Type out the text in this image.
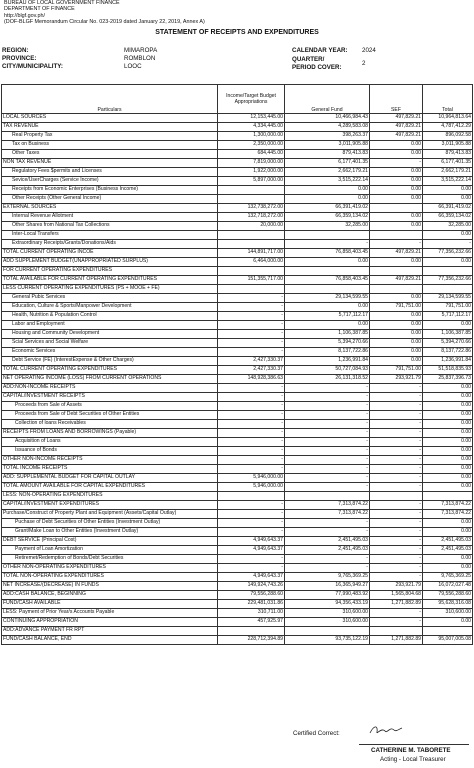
BUREAU OF LOCAL GOVERNMENT FINANCE
DEPARTMENT OF FINANCE
http://blgf.gov.ph/
(DOF-BLGF Memorandum Circular No. 023-2019 dated January 22, 2019, Annex A)
STATEMENT OF RECEIPTS AND EXPENDITURES
REGION:	MIMAROPA
PROVINCE:	ROMBLON
CITY/MUNICIPALITY:	LOOC
CALENDAR YEAR: 2024
QUARTER/
PERIOD COVER:
2
Particulars	Income/Target Budget Appropriations	General Fund	SEF	Total
LOCAL SOURCES	12,153,445.00	10,466,984.43	497,829.21	10,964,813.64
TAX REVENUE	4,334,445.00	4,289,583.08	497,829.21	4,787,412.29
Real Property Tax	1,300,000.00	398,263.37	497,829.21	896,092.58
Tax on Business	2,350,000.00	3,011,905.88	0.00	3,011,905.88
Other Taxes	684,445.00	879,413.83	0.00	879,413.83
NON TAX REVENUE	7,819,000.00	6,177,401.35	-	6,177,401.35
Regulatory Fees $permits and Licenses	1,922,000.00	2,662,179.21	0.00	2,662,179.21
Sevice/UserCharges (Service Income)	5,897,000.00	3,515,222.14	0.00	3,515,222.14
Receipts from Economic Enterprises (Business Income)		0.00	0.00	0.00
Other Receipts (Other General Income)		0.00	0.00	0.00
EXTERNAL SOURCES	132,738,272.00	66,391,419.02		66,391,419.02
Internal Revenue Allotment	132,718,272.00	66,359,134.02	0.00	66,359,134.02
Other Shares from National Tax Collections	20,000.00	32,285.00	0.00	32,285.00
Inter-Local Transfers				0.00
Extraordinary Receipts/Grants/Donations/Aids		-	-	-
TOTAL CURRENT OPERATING INCOE	144,891,717.00	76,858,403.45	497,829.21	77,356,232.66
ADD SUPPLEMENT BUDGET(UNAPPROPRIATED SURPLUS)	6,464,000.00	0.00	0.00	0.00
FOR CURRENT OPERATING EXPENDITURES				
TOTAL AVAILABLE FOR CURRENT OPERATING EXPENDITURES	151,355,717.00	76,858,403.45	497,829.21	77,356,232.66
LESS CURRENT OPERATING EXPENDITURES (PS + MOOE + FE)				
General Pubic Services	-	29,134,599.55	0.00	29,134,599.55
Education, Culture & Sports/Manpower Development	-	0.00	791,751.00	791,751.00
Health, Nutrition & Population Control	-	5,717,112.17	0.00	5,717,112.17
Labor and Employment	-	0.00	0.00	0.00
Housing and Community Development	-	1,106,387.85	0.00	1,106,387.85
Scial Services and Social Welfare	-	5,394,270.66	0.00	5,394,270.66
Economic Services	-	8,137,722.86	0.00	8,137,722.86
Debt Service (FE) (InterestExpense & Other Charges)	2,427,330.37	1,236,991.84	0.00	1,236,991.84
TOTAL CURRENT OPERATING EXPENDITURES	2,427,330.37	50,727,084.93	791,751.00	51,518,835.93
NET OPERATING INCOME (LOSS) FROM CURRENT OPERATIONS	148,928,386.63	26,131,318.52	293,921.79	25,837,396.73
ADD:NON-INCOME RECEIPTS	-	-	-	0.00
CAPITAL/INVESTMENT RECEIPTS	-	-	-	0.00
Proceeds from Sale of Assets	-	-	-	0.00
Proceeds from Sale of Debt Securities of Other Entities	-	-	-	0.00
Collection of loans Receivables	-	-	-	0.00
RECEIPTS FROM LOANS AND BORROWINGS (Payable)	-	-	-	0.00
Acquisition of Loans	-	-	-	0.00
Issuance of Bonds	-	-	-	0.00
OTHER NON-INCOME RECEIPTS	-	-	-	0.00
TOTAL INCOME RECEIPTS	-	-	-	0.00
ADD: SUPPLEMENTAL BUDGET FOR CAPITAL OUTLAY	5,946,000.00	-	-	0.00
TOTAL AMOUNT AVAILABLE FOR CAPITAL EXPENDITURES	5,946,000.00	-	-	0.00
LESS: NON-OPERATING EXPENDITURES				
CAPITAL/INVESTMENT EXPENDITURES	-	7,313,874.22	-	7,313,874.22
Purchase/Construct of Property Plant and Equipment (Assets/Capital Outlay)	-	7,313,874.22	-	7,313,874.22
Puchase of Debt Securities of Other Entities (Investment Outlay)	-	-	-	0.00
Grant/Make Loan to Other Entities (Investment Outlay)	-	-	-	0.00
DEBT SERVICE (Principal Cost)	4,949,643.37	2,451,495.03	-	2,451,495.03
Payment of Loan Amortization	4,949,643.37	2,451,495.03	-	2,451,495.03
Retiremet/Redemption of Bonds/Debt Securities	-	-	-	0.00
OTHER NON-OPERATING EXPENDITURES	-	-	-	0.00
TOTAL NON-OPERATING EXPENDITURES	4,949,643.37	9,765,369.25	-	9,765,369.25
NET INCREASE/(DECREASE) IN FUNDS	149,924,743.26	16,365,949.27	293,921.79	16,072,027.48
ADD:CASH BALANCE, BEGINNING	79,556,288.60	77,990,483.92	1,565,804.68	79,556,288.60
FUND/CASH AVAILABLE	229,481,031.86	94,356,433.19	1,271,882.89	95,628,316.08
LESS: Payment of Prior Year/s Accounts Payable	310,711.00	310,600.00	-	310,600.00
CONTINUING APPROPRIATION	457,925.97	310,600.00	-	0.00
ADD:ADVANCE PAYMENT FR RPT				
FUND/CASH BALANCE, END	228,712,394.89	93,735,122.19	1,271,882.89	95,007,005.08
Certified Correct:
CATHERINE M. TABORETE
Acting - Local Treasurer
